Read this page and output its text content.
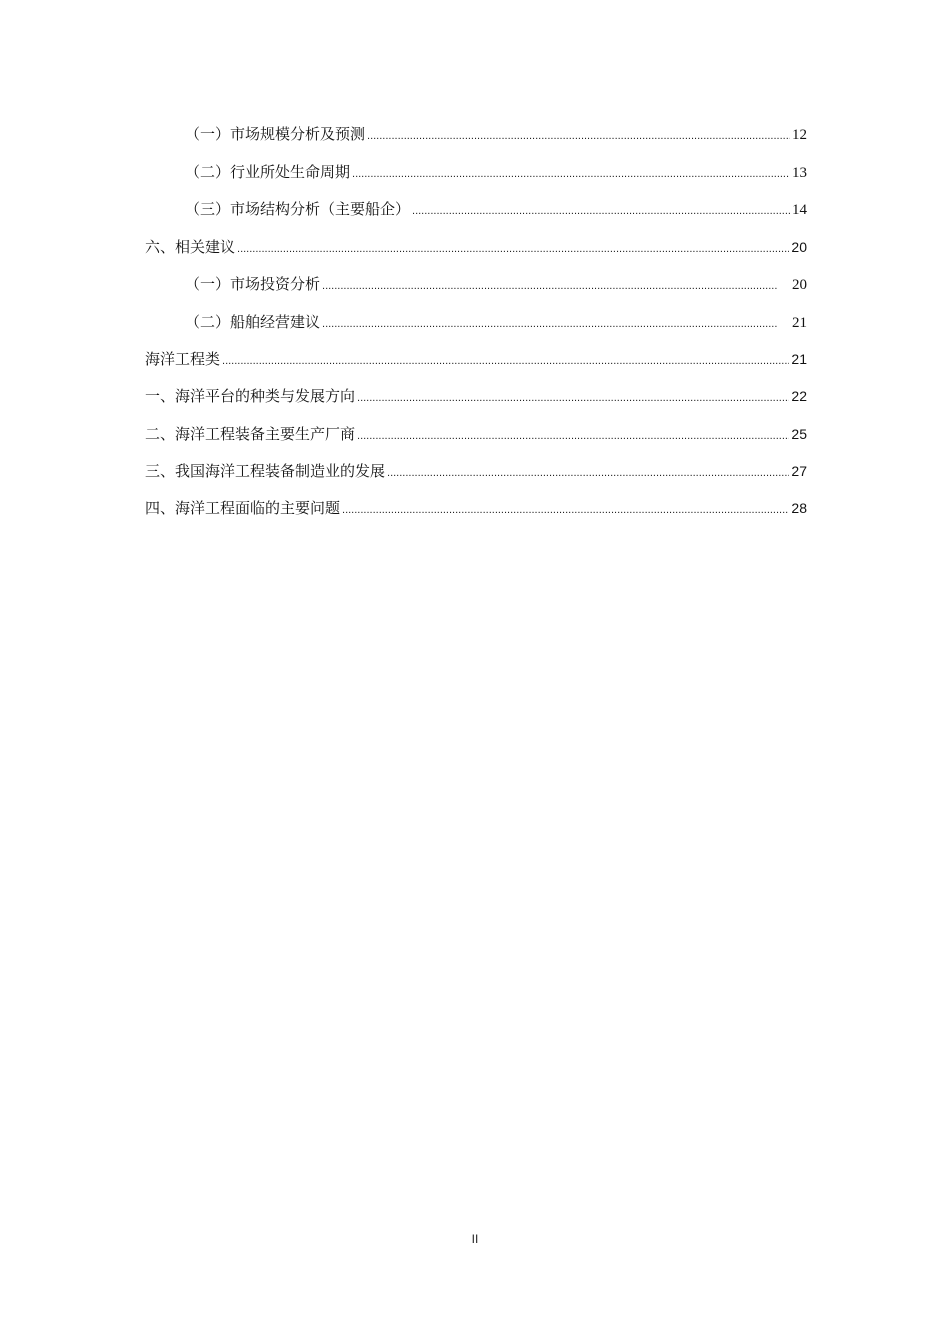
（一）市场规模分析及预测 .....	12
（二）行业所处生命周期 .....	13
（三）市场结构分析（主要船企） .....	14
六、相关建议 .....	20
（一）市场投资分析 .....	20
（二）船舶经营建议 .....	21
海洋工程类 .....	21
一、海洋平台的种类与发展方向 .....	22
二、海洋工程装备主要生产厂商 .....	25
三、我国海洋工程装备制造业的发展 .....	27
四、海洋工程面临的主要问题 .....	28
II
